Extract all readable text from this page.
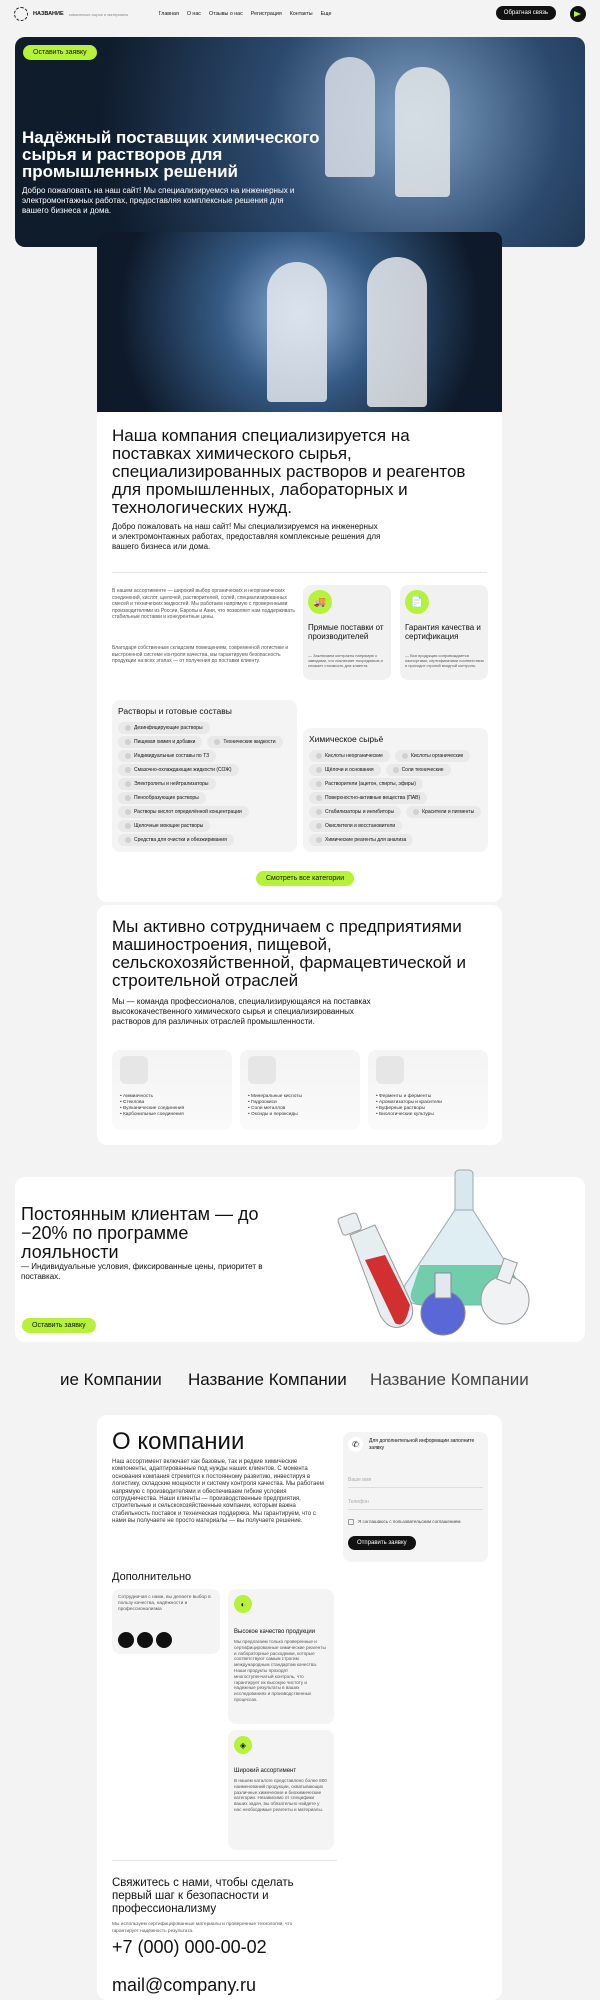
НАЗВАНИЕ химическое сырье и материалы	Главная О нас Отзывы о нас Регистрация Контакты Еще	Обратная связь
Надёжный поставщик химического сырья и растворов для промышленных решений

Добро пожаловать на наш сайт! Мы специализируемся на инженерных и электромонтажных работах, предоставляя комплексные решения для вашего бизнеса и дома.

Оставить заявку
Наша компания специализируется на поставках химического сырья, специализированных растворов и реагентов для промышленных, лабораторных и технологических нужд.

Добро пожаловать на наш сайт! Мы специализируемся на инженерных и электромонтажных работах, предоставляя комплексные решения для вашего бизнеса или дома.

В нашем ассортименте — широкий выбор органических и неорганических соединений, кислот, щелочей, растворителей, солей, специализированных смесей и технических жидкостей. Мы работаем напрямую с проверенными производителями из России, Европы и Азии, что позволяет нам поддерживать стабильные поставки и конкурентные цены.

Благодаря собственным складским помещениям, современной логистике и выстроенной системе контроля качества, мы гарантируем безопасность продукции на всех этапах — от получения до поставки клиенту.

🚚
Прямые поставки от производителей
— Заключаем контракты напрямую с заводами, что исключает посредников и снижает стоимость для клиента.
📄
Гарантия качества и сертификация
— Вся продукция сопровождается паспортами, сертификатами соответствия и проходит строгий входной контроль.
Растворы и готовые составы
Дезинфицирующие растворы
Пищевая химия и добавки	Технические жидкости
Индивидуальные составы по ТЗ
Смазочно-охлаждающие жидкости (СОЖ)
Электролиты и нейтрализаторы
Пенообразующие растворы
Растворы кислот определённой концентрации
Щелочные моющие растворы
Средства для очистки и обезжиривания
Химическое сырьё
Кислоты неорганические	Кислоты органические
Щёлочи и основания	Соли технические
Растворители (ацетон, спирты, эфиры)
Поверхностно-активные вещества (ПАВ)
Стабилизаторы и ингибиторы	Красители и пигменты
Окислители и восстановители
Химические реагенты для анализа
Смотреть все категории
Мы активно сотрудничаем с предприятиями машиностроения, пищевой, сельскохозяйственной, фармацевтической и строительной отраслей

Мы — команда профессионалов, специализирующаяся на поставках высококачественного химического сырья и специализированных растворов для различных отраслей промышленности.

• Аммиачность
• Стеклова
• Вулканические соединения
• Карбонильные соединения
• Минеральные кислоты
• Гидроокиси
• Соли металлов
• Оксиды и пероксиды
• Ферменты и ферменты
• Ароматизаторы и красители
• Буферные растворы
• Биологические культуры
Постоянным клиентам — до −20% по программе лояльности

— Индивидуальные условия, фиксированные цены, приоритет в поставках.

Оставить заявку
ие Компании Название Компании Название Компании
О компании

Наш ассортимент включает как базовые, так и редкие химические компоненты, адаптированные под нужды наших клиентов. С момента основания компания стремится к постоянному развитию, инвестируя в логистику, складские мощности и систему контроля качества. Мы работаем напрямую с производителями и обеспечиваем гибкие условия сотрудничества. Наши клиенты — производственные предприятия, строительные и сельскохозяйственные компании, которым важна стабильность поставок и техническая поддержка. Мы гарантируем, что с нами вы получаете не просто материалы — вы получаете решение.

✆	Для дополнительной информации заполните заявку
Ваше имя
Телефон
Я соглашаюсь с пользовательским соглашением
Отправить заявку
Дополнительно
Сотрудничая с нами, вы делаете выбор в пользу качества, надёжности и профессионализма
◐
Высокое качество продукции
Мы предлагаем только проверенные и сертифицированные химические реагенты и лабораторные расходники, которые соответствуют самым строгим международным стандартам качества. Наши продукты проходят многоступенчатый контроль, что гарантирует их высокую чистоту и надежные результаты в ваших исследованиях и производственных процессах.
◈
Широкий ассортимент
В нашем каталоге представлено более 800 наименований продукции, охватывающих различные химические и биохимические категории. Независимо от специфики ваших задач, вы обязательно найдете у нас необходимые реагенты и материалы.
Свяжитесь с нами, чтобы сделать первый шаг к безопасности и профессионализму

Мы используем сертифицированные материалы и проверенные технологии, что гарантирует надёжность результата.

+7 (000) 000-00-02
mail@company.ru
